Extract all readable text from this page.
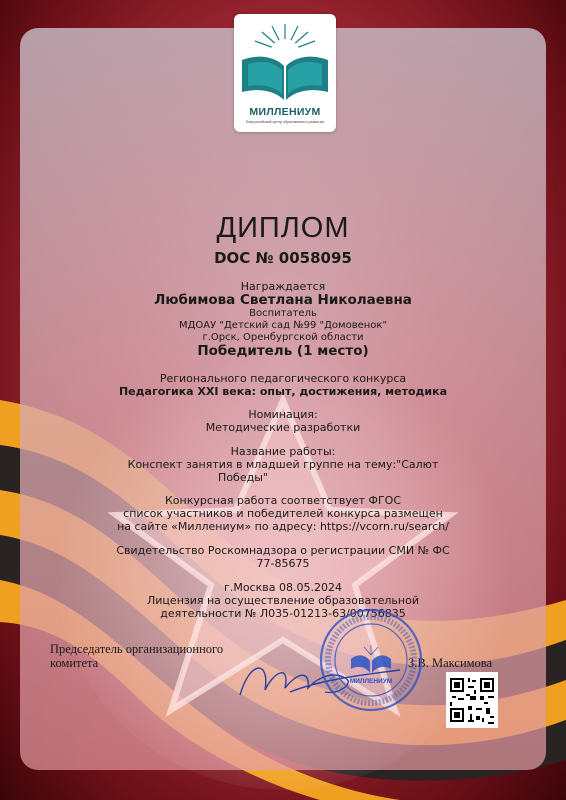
МИЛЛЕНИУМ
Всероссийский центр образования и развития
ДИПЛОМ
DOC № 0058095
Награждается
Любимова Светлана Николаевна
Воспитатель
МДОАУ "Детский сад №99 "Домовенок"
г.Орск, Оренбургской области
Победитель (1 место)
Регионального педагогического конкурса
Педагогика XXI века: опыт, достижения, методика
Номинация:
Методические разработки
Название работы:
Конспект занятия в младшей группе на тему:"Салют
Победы"
Конкурсная работа соответствует ФГОС
список участников и победителей конкурса размещен
на сайте «Миллениум» по адресу: https://vcorn.ru/search/
Свидетельство Роскомнадзора о регистрации СМИ № ФС
77-85675
г.Москва 08.05.2024
Лицензия на осуществление образовательной
деятельности № Л035-01213-63/00756835
Председатель организационного
комитета	З.В. Максимова
МИЛЛЕНИУМ
